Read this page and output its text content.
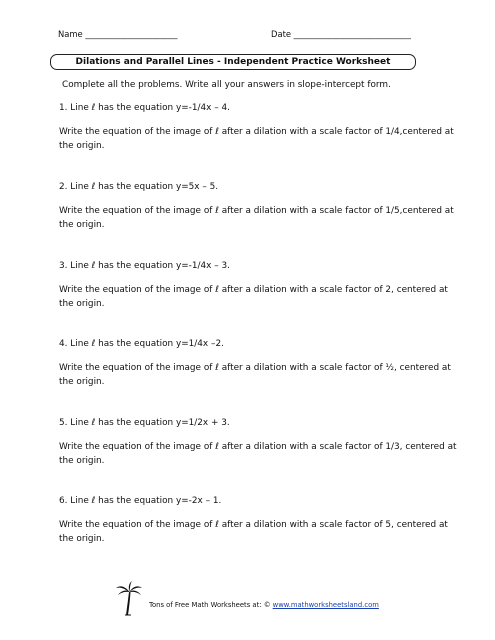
Name ______________________	Date ____________________________
Dilations and Parallel Lines - Independent Practice Worksheet
Complete all the problems. Write all your answers in slope-intercept form.
1. Line ℓ has the equation y=-1/4x – 4.
Write the equation of the image of ℓ after a dilation with a scale factor of 1/4,centered at the origin.
2. Line ℓ has the equation y=5x – 5.
Write the equation of the image of ℓ after a dilation with a scale factor of 1/5,centered at the origin.
3. Line ℓ has the equation y=-1/4x – 3.
Write the equation of the image of ℓ after a dilation with a scale factor of 2, centered at the origin.
4. Line ℓ has the equation y=1/4x –2.
Write the equation of the image of ℓ after a dilation with a scale factor of ½, centered at the origin.
5. Line ℓ has the equation y=1/2x + 3.
Write the equation of the image of ℓ after a dilation with a scale factor of 1/3, centered at the origin.
6. Line ℓ has the equation y=-2x – 1.
Write the equation of the image of ℓ after a dilation with a scale factor of 5, centered at the origin.
Tons of Free Math Worksheets at: © www.mathworksheetsland.com
